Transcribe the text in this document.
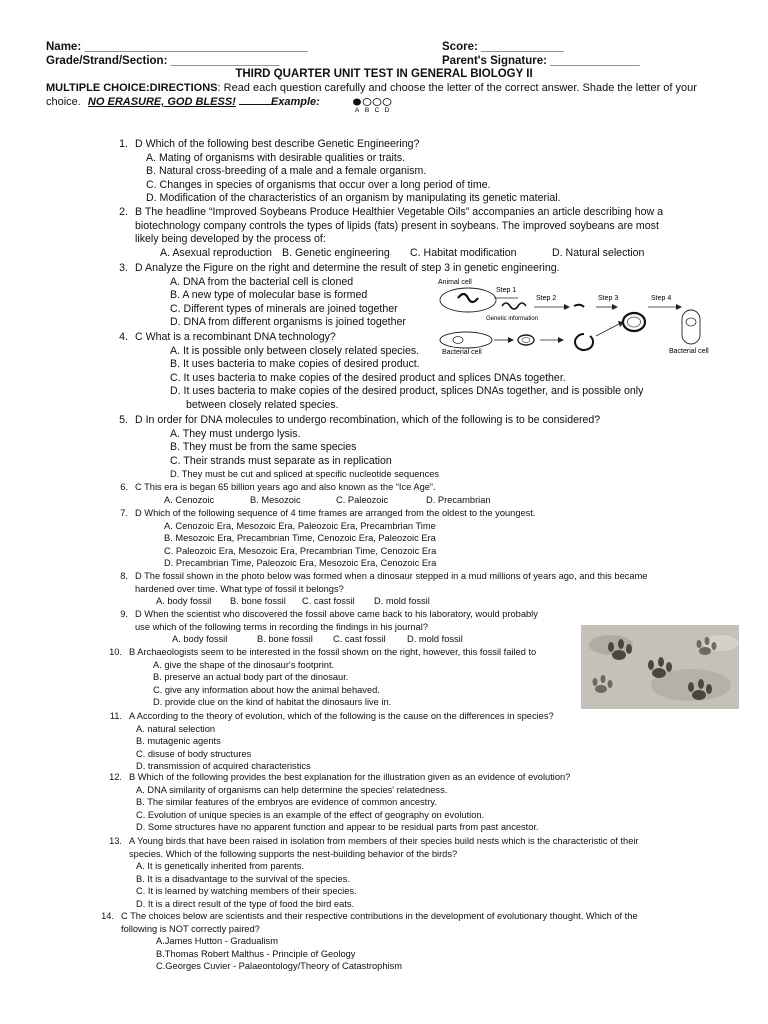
Name: ___________________________________	Score: _____________
Grade/Strand/Section: _________________	Parent's Signature: ______________
THIRD QUARTER UNIT TEST IN GENERAL BIOLOGY II
MULTIPLE CHOICE:DIRECTIONS: Read each question carefully and choose the letter of the correct answer. Shade the letter of your
choice. NO ERASURE, GOD BLESS!	Example:
A B C D
1. D Which of the following best describe Genetic Engineering?
A. Mating of organisms with desirable qualities or traits.
B. Natural cross-breeding of a male and a female organism.
C. Changes in species of organisms that occur over a long period of time.
D. Modification of the characteristics of an organism by manipulating its genetic material.
2. B The headline “Improved Soybeans Produce Healthier Vegetable Oils” accompanies an article describing how a
biotechnology company controls the types of lipids (fats) present in soybeans. The improved soybeans are most
likely being developed by the process of:
A. Asexual reproduction B. Genetic engineering	C. Habitat modification	D. Natural selection
3. D Analyze the Figure on the right and determine the result of step 3 in genetic engineering.
A. DNA from the bacterial cell is cloned
B. A new type of molecular base is formed
C. Different types of minerals are joined together
D. DNA from different organisms is joined together
Animal cell
Step 1
Genetic information
Step 2	Step 3	Step 4
Bacterial cell
Bacterial cell
4. C What is a recombinant DNA technology?
A. It is possible only between closely related species.
B. It uses bacteria to make copies of desired product.
C. It uses bacteria to make copies of the desired product and splices DNAs together.
D. It uses bacteria to make copies of the desired product, splices DNAs together, and is possible only
between closely related species.
5. D In order for DNA molecules to undergo recombination, which of the following is to be considered?
A. They must undergo lysis.
B. They must be from the same species
C. Their strands must separate as in replication
D. They must be cut and spliced at specific nucleotide sequences
6. C This era is began 65 billion years ago and also known as the “Ice Age”.
A. Cenozoic	B. Mesozoic	C. Paleozoic	D. Precambrian
7. D Which of the following sequence of 4 time frames are arranged from the oldest to the youngest.
A. Cenozoic Era, Mesozoic Era, Paleozoic Era, Precambrian Time
B. Mesozoic Era, Precambrian Time, Cenozoic Era, Paleozoic Era
C. Paleozoic Era, Mesozoic Era, Precambrian Time, Cenozoic Era
D. Precambrian Time, Paleozoic Era, Mesozoic Era, Cenozoic Era
8. D The fossil shown in the photo below was formed when a dinosaur stepped in a mud millions of years ago, and this became
hardened over time. What type of fossil it belongs?
A. body fossil	B. bone fossil	C. cast fossil	D. mold fossil
9. D When the scientist who discovered the fossil above came back to his laboratory, would probably
use which of the following terms in recording the findings in his journal?
A. body fossil	B. bone fossil	C. cast fossil	D. mold fossil
10. B Archaeologists seem to be interested in the fossil shown on the right, however, this fossil failed to
A. give the shape of the dinosaur's footprint.
B. preserve an actual body part of the dinosaur.
C. give any information about how the animal behaved.
D. provide clue on the kind of habitat the dinosaurs live in.
11. A According to the theory of evolution, which of the following is the cause on the differences in species?
A. natural selection
B. mutagenic agents
C. disuse of body structures
D. transmission of acquired characteristics
12. B Which of the following provides the best explanation for the illustration given as an evidence of evolution?
A. DNA similarity of organisms can help determine the species' relatedness.
B. The similar features of the embryos are evidence of common ancestry.
C. Evolution of unique species is an example of the effect of geography on evolution.
D. Some structures have no apparent function and appear to be residual parts from past ancestor.
13. A Young birds that have been raised in isolation from members of their species build nests which is the characteristic of their
species. Which of the following supports the nest-building behavior of the birds?
A. It is genetically inherited from parents.
B. It is a disadvantage to the survival of the species.
C. It is learned by watching members of their species.
D. It is a direct result of the type of food the bird eats.
14. C The choices below are scientists and their respective contributions in the development of evolutionary thought. Which of the
following is NOT correctly paired?
A.James Hutton - Gradualism
B.Thomas Robert Malthus - Principle of Geology
C.Georges Cuvier - Palaeontology/Theory of Catastrophism
